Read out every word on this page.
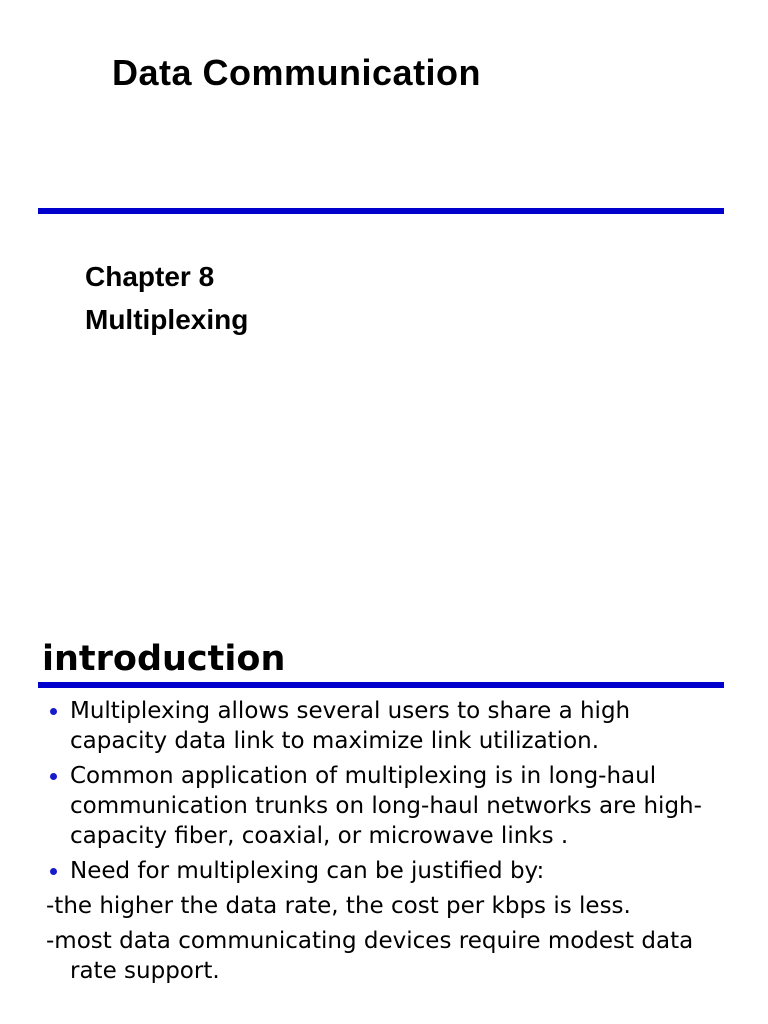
Data Communication
Chapter 8
Multiplexing
introduction
Multiplexing allows several users to share a high capacity data link to maximize link utilization.
Common application of multiplexing is in long-haul communication trunks on long-haul networks are high-capacity fiber, coaxial, or microwave links .
Need for multiplexing can be justified by:
-the higher the data rate, the cost per kbps is less.
-most data communicating devices require modest data rate support.
